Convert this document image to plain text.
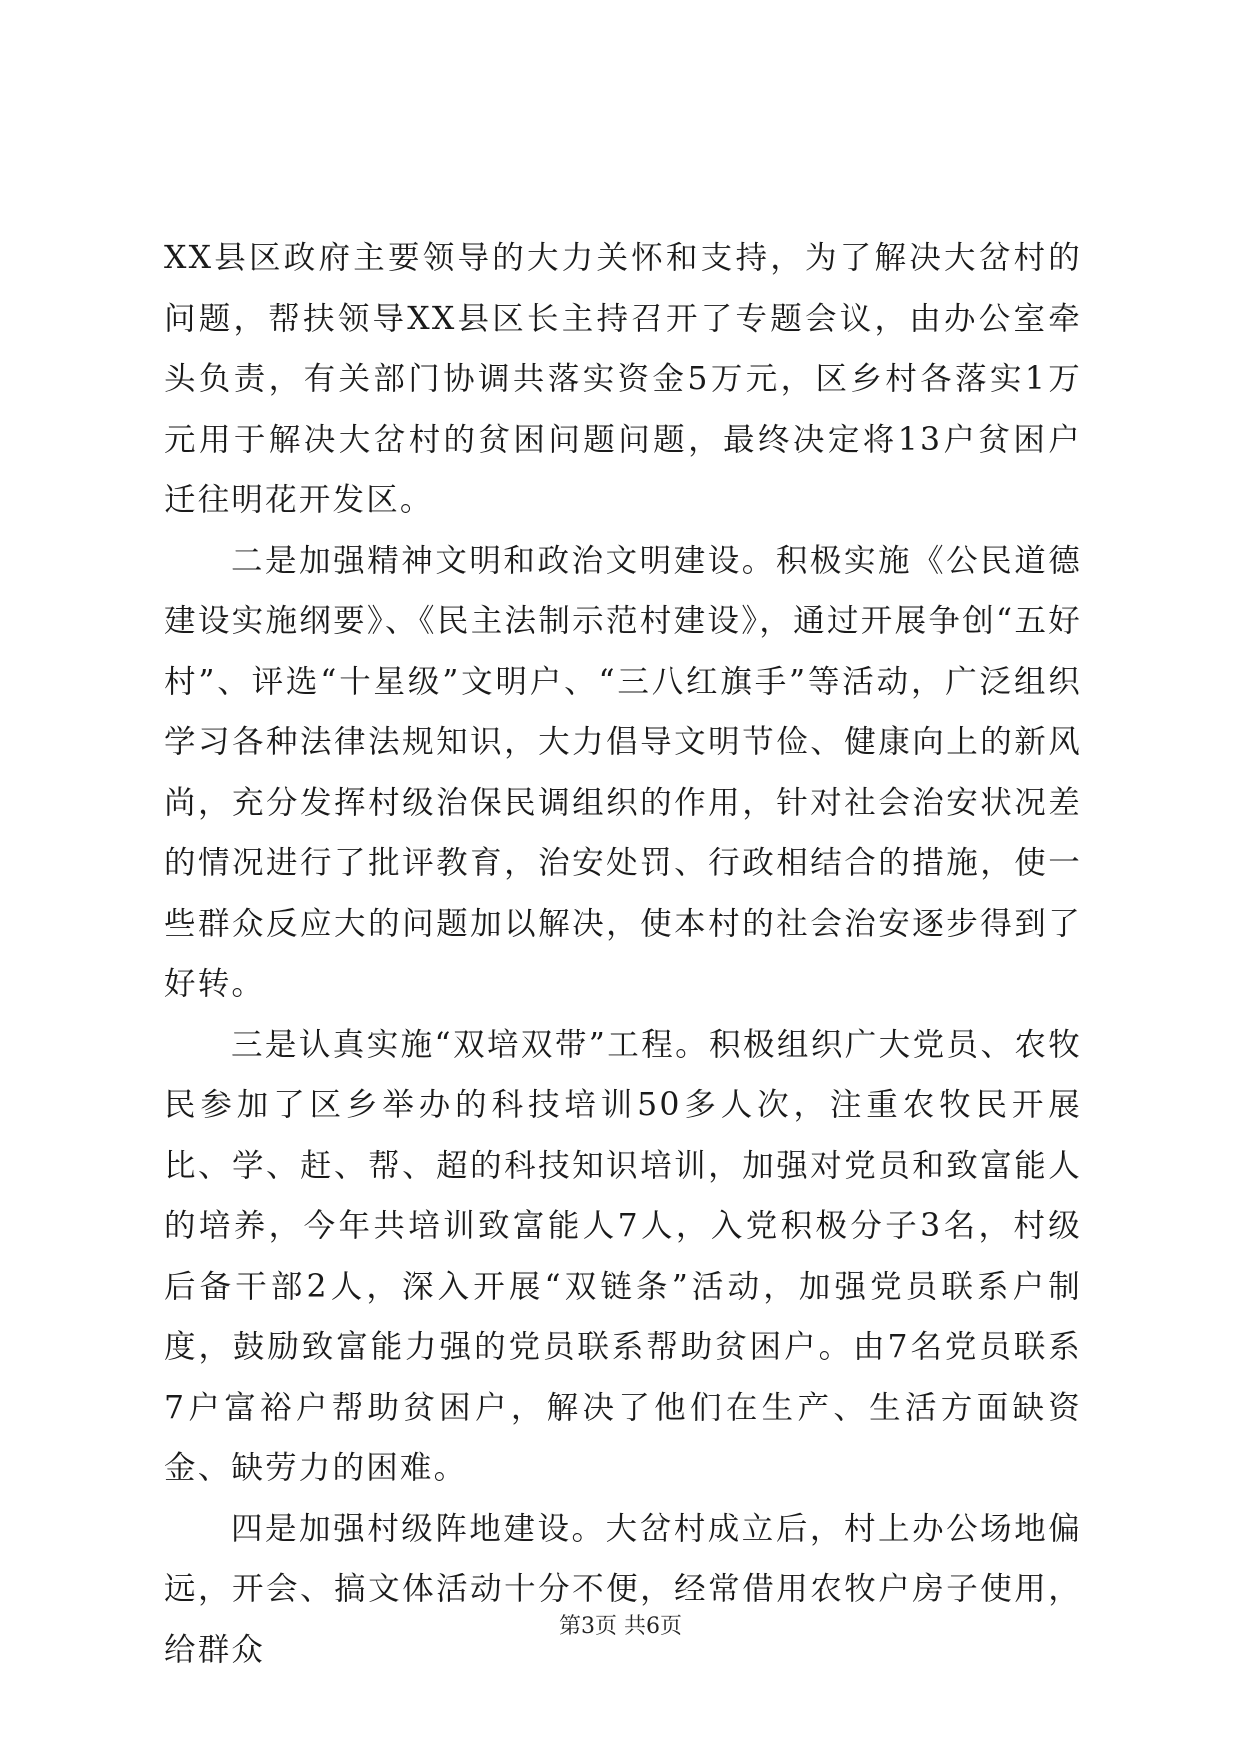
XX县区政府主要领导的大力关怀和支持，为了解决大岔村的问题，帮扶领导XX县区长主持召开了专题会议，由办公室牵头负责，有关部门协调共落实资金5万元，区乡村各落实1万元用于解决大岔村的贫困问题问题，最终决定将13户贫困户迁往明花开发区。

二是加强精神文明和政治文明建设。积极实施《公民道德建设实施纲要》、《民主法制示范村建设》，通过开展争创“五好村”、评选“十星级”文明户、“三八红旗手”等活动，广泛组织学习各种法律法规知识，大力倡导文明节俭、健康向上的新风尚，充分发挥村级治保民调组织的作用，针对社会治安状况差的情况进行了批评教育，治安处罚、行政相结合的措施，使一些群众反应大的问题加以解决，使本村的社会治安逐步得到了好转。

三是认真实施“双培双带”工程。积极组织广大党员、农牧民参加了区乡举办的科技培训50多人次，注重农牧民开展比、学、赶、帮、超的科技知识培训，加强对党员和致富能人的培养，今年共培训致富能人7人，入党积极分子3名，村级后备干部2人，深入开展“双链条”活动，加强党员联系户制度，鼓励致富能力强的党员联系帮助贫困户。由7名党员联系7户富裕户帮助贫困户，解决了他们在生产、生活方面缺资金、缺劳力的困难。

四是加强村级阵地建设。大岔村成立后，村上办公场地偏远，开会、搞文体活动十分不便，经常借用农牧户房子使用，给群众

第3页 共6页
